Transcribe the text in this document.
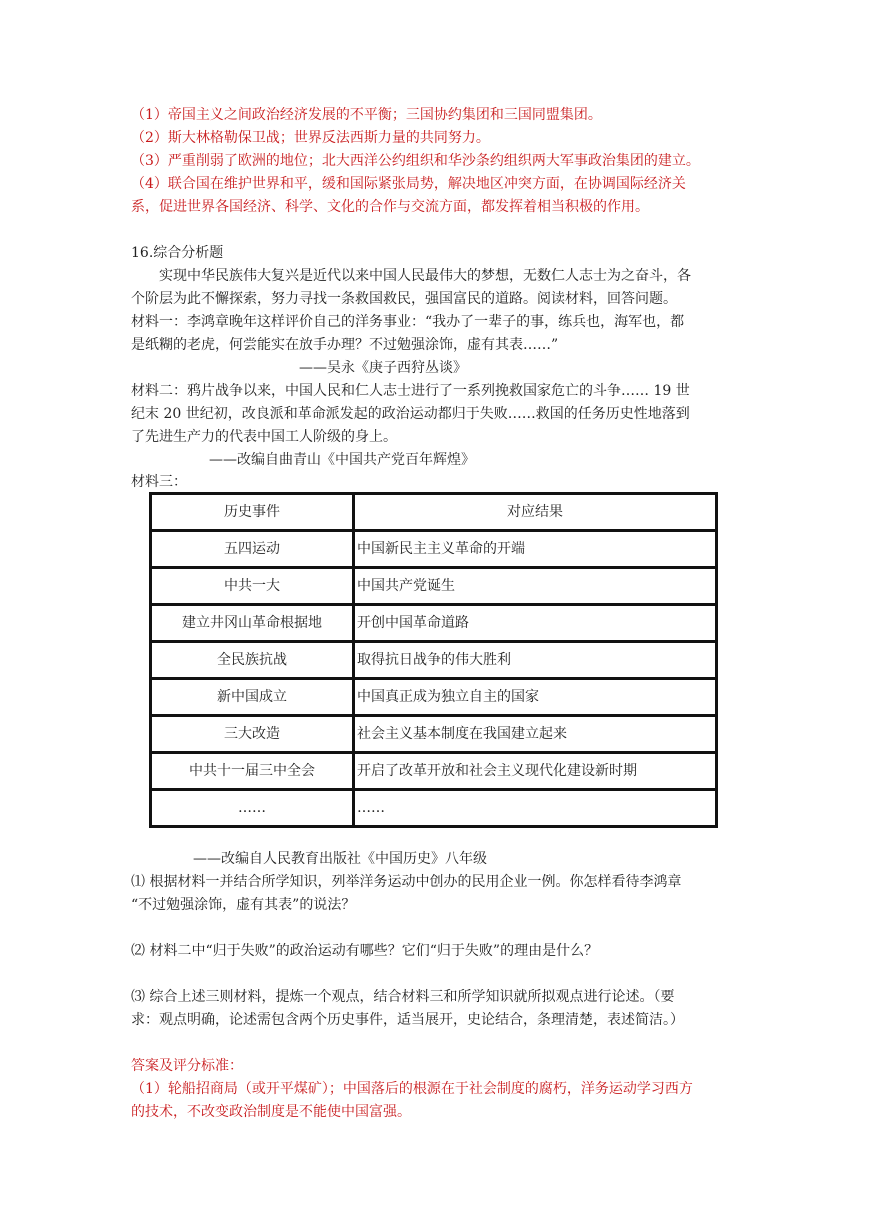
（1）帝国主义之间政治经济发展的不平衡；三国协约集团和三国同盟集团。
（2）斯大林格勒保卫战；世界反法西斯力量的共同努力。
（3）严重削弱了欧洲的地位；北大西洋公约组织和华沙条约组织两大军事政治集团的建立。
（4）联合国在维护世界和平，缓和国际紧张局势，解决地区冲突方面，在协调国际经济关
系，促进世界各国经济、科学、文化的合作与交流方面，都发挥着相当积极的作用。
16.综合分析题
实现中华民族伟大复兴是近代以来中国人民最伟大的梦想，无数仁人志士为之奋斗，各
个阶层为此不懈探索，努力寻找一条救国救民，强国富民的道路。阅读材料，回答问题。
材料一：李鸿章晚年这样评价自己的洋务事业：“我办了一辈子的事，练兵也，海军也，都
是纸糊的老虎，何尝能实在放手办理？不过勉强涂饰，虚有其表……”
——吴永《庚子西狩丛谈》
材料二：鸦片战争以来，中国人民和仁人志士进行了一系列挽救国家危亡的斗争…… 19 世
纪末 20 世纪初，改良派和革命派发起的政治运动都归于失败……救国的任务历史性地落到
了先进生产力的代表中国工人阶级的身上。
——改编自曲青山《中国共产党百年辉煌》
材料三：
历史事件	对应结果
五四运动	中国新民主主义革命的开端
中共一大	中国共产党诞生
建立井冈山革命根据地	开创中国革命道路
全民族抗战	取得抗日战争的伟大胜利
新中国成立	中国真正成为独立自主的国家
三大改造	社会主义基本制度在我国建立起来
中共十一届三中全会	开启了改革开放和社会主义现代化建设新时期
……	……
——改编自人民教育出版社《中国历史》八年级
⑴ 根据材料一并结合所学知识，列举洋务运动中创办的民用企业一例。你怎样看待李鸿章
“不过勉强涂饰，虚有其表”的说法？
⑵ 材料二中“归于失败”的政治运动有哪些？它们“归于失败”的理由是什么？
⑶ 综合上述三则材料，提炼一个观点，结合材料三和所学知识就所拟观点进行论述。（要
求：观点明确，论述需包含两个历史事件，适当展开，史论结合，条理清楚，表述简洁。）
答案及评分标准：
（1）轮船招商局（或开平煤矿）；中国落后的根源在于社会制度的腐朽，洋务运动学习西方
的技术，不改变政治制度是不能使中国富强。
